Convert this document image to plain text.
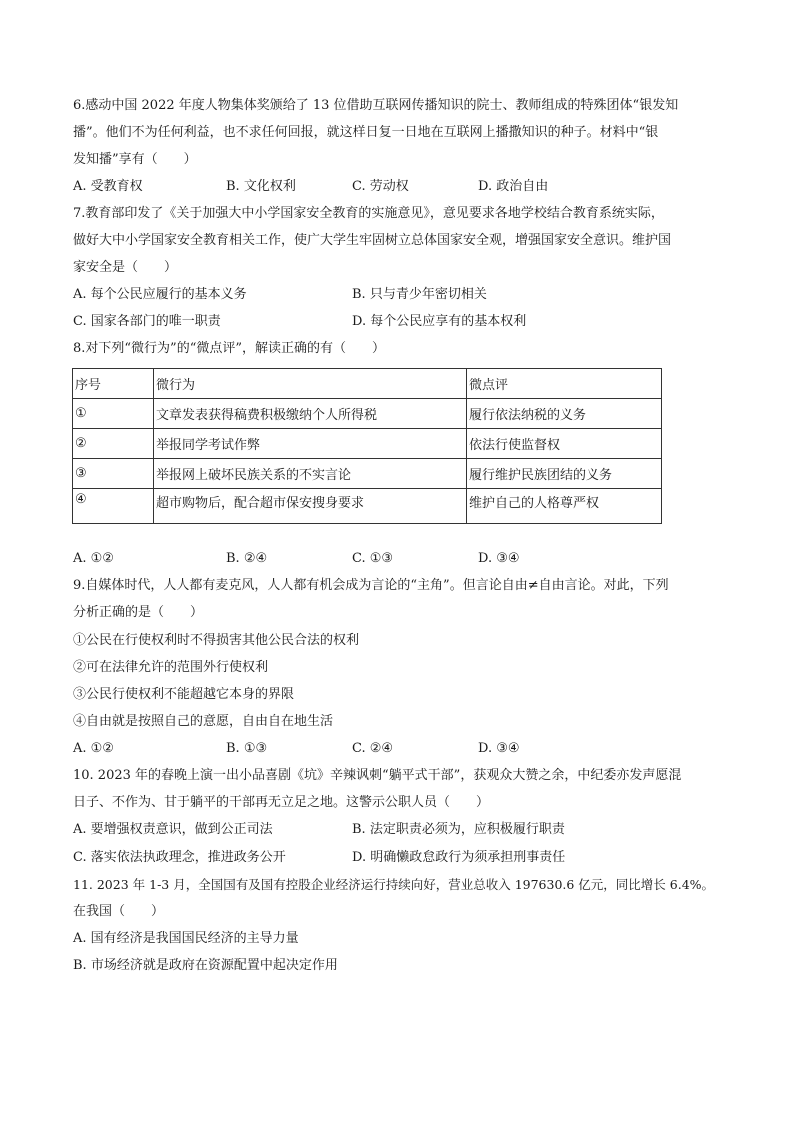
6.感动中国 2022 年度人物集体奖颁给了 13 位借助互联网传播知识的院士、教师组成的特殊团体“银发知
播”。他们不为任何利益，也不求任何回报，就这样日复一日地在互联网上播撒知识的种子。材料中“银
发知播”享有（　　）
A. 受教育权	B. 文化权利	C. 劳动权	D. 政治自由
7.教育部印发了《关于加强大中小学国家安全教育的实施意见》，意见要求各地学校结合教育系统实际，
做好大中小学国家安全教育相关工作，使广大学生牢固树立总体国家安全观，增强国家安全意识。维护国
家安全是（　　）
A. 每个公民应履行的基本义务	B. 只与青少年密切相关
C. 国家各部门的唯一职责	D. 每个公民应享有的基本权利
8.对下列“微行为”的“微点评”，解读正确的有（　　）
序号	微行为	微点评
①	文章发表获得稿费积极缴纳个人所得税	履行依法纳税的义务
②	举报同学考试作弊	依法行使监督权
③	举报网上破坏民族关系的不实言论	履行维护民族团结的义务
④	超市购物后，配合超市保安搜身要求	维护自己的人格尊严权
A. ①②	B. ②④	C. ①③	D. ③④
9.自媒体时代，人人都有麦克风，人人都有机会成为言论的“主角”。但言论自由≠自由言论。对此，下列
分析正确的是（　　）
①公民在行使权利时不得损害其他公民合法的权利
②可在法律允许的范围外行使权利
③公民行使权利不能超越它本身的界限
④自由就是按照自己的意愿，自由自在地生活
A. ①②	B. ①③	C. ②④	D. ③④
10. 2023 年的春晚上演一出小品喜剧《坑》辛辣讽刺“躺平式干部”，获观众大赞之余，中纪委亦发声愿混
日子、不作为、甘于躺平的干部再无立足之地。这警示公职人员（　　）
A. 要增强权责意识，做到公正司法	B. 法定职责必须为，应积极履行职责
C. 落实依法执政理念，推进政务公开	D. 明确懒政怠政行为须承担刑事责任
11. 2023 年 1-3 月，全国国有及国有控股企业经济运行持续向好，营业总收入 197630.6 亿元，同比增长 6.4%。
在我国（　　）
A. 国有经济是我国国民经济的主导力量
B. 市场经济就是政府在资源配置中起决定作用
